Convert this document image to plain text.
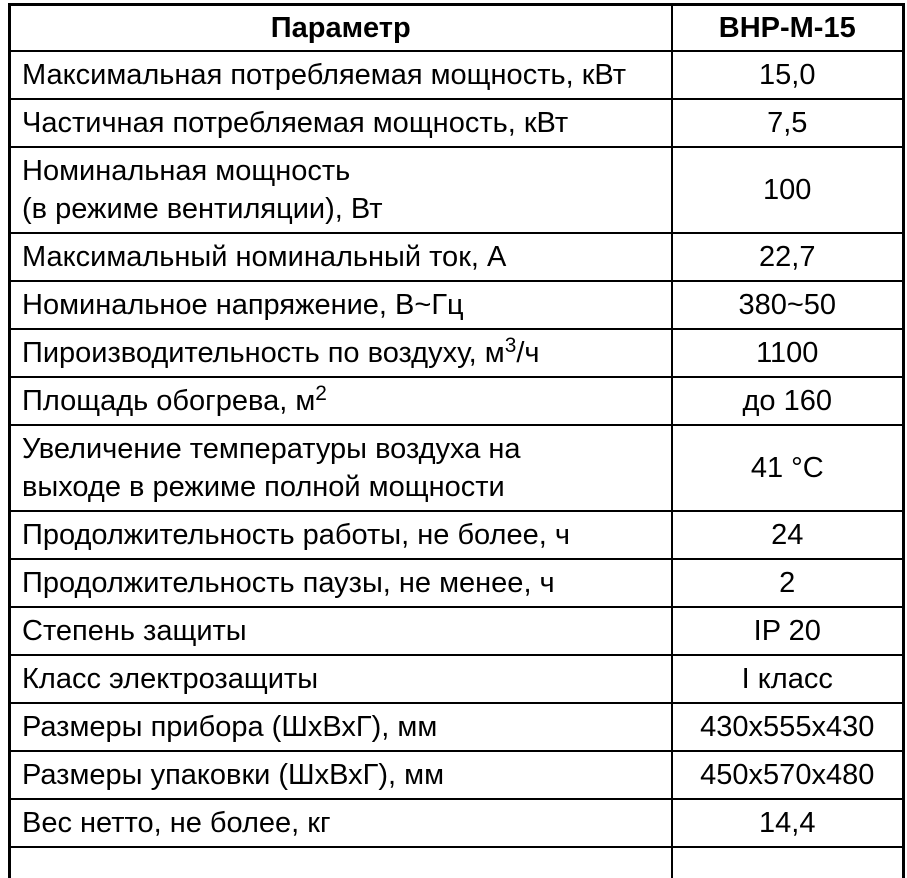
Параметр	ВНР-М-15
Максимальная потребляемая мощность, кВт	15,0
Частичная потребляемая мощность, кВт	7,5
Номинальная мощность
(в режиме вентиляции), Вт	100
Максимальный номинальный ток, А	22,7
Номинальное напряжение, В~Гц	380~50
Пироизводительность по воздуху, $м^3/ч$	1100
Площадь обогрева, $м^2$	до 160
Увеличение температуры воздуха на
выходе в режиме полной мощности	41 °C
Продолжительность работы, не более, ч	24
Продолжительность паузы, не менее, ч	2
Степень защиты	IP 20
Класс электрозащиты	I класс
Размеры прибора (ШхВхГ), мм	430x555x430
Размеры упаковки (ШхВхГ), мм	450x570x480
Вес нетто, не более, кг	14,4
